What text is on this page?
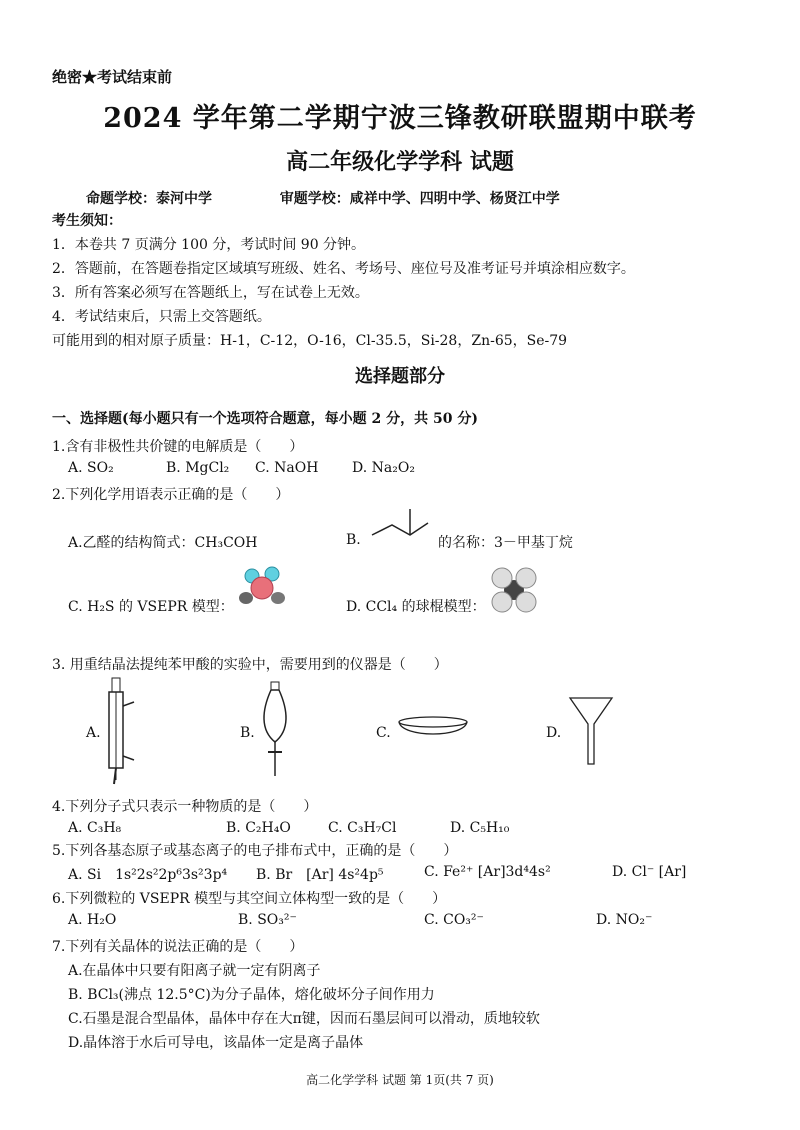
绝密★考试结束前
2024 学年第二学期宁波三锋教研联盟期中联考
高二年级化学学科 试题
命题学校：泰河中学	审题学校：咸祥中学、四明中学、杨贤江中学
考生须知：
1．本卷共 7 页满分 100 分，考试时间 90 分钟。
2．答题前，在答题卷指定区域填写班级、姓名、考场号、座位号及准考证号并填涂相应数字。
3．所有答案必须写在答题纸上，写在试卷上无效。
4．考试结束后，只需上交答题纸。
可能用到的相对原子质量：H-1，C-12，O-16，Cl-35.5，Si-28，Zn-65，Se-79
选择题部分
一、选择题(每小题只有一个选项符合题意，每小题 2 分，共 50 分)
1.含有非极性共价键的电解质是（　　）
A. SO₂	B. MgCl₂ C. NaOH D. Na₂O₂
2.下列化学用语表示正确的是（　　）
A.乙醛的结构简式：CH₃COH	B.	的名称：3－甲基丁烷
C. H₂S 的 VSEPR 模型：	D. CCl₄ 的球棍模型：
3. 用重结晶法提纯苯甲酸的实验中，需要用到的仪器是（　　）
A.	B.	C.	D.
4.下列分子式只表示一种物质的是（　　）
A. C₃H₈	B. C₂H₄O	C. C₃H₇Cl	D. C₅H₁₀
5.下列各基态原子或基态离子的电子排布式中，正确的是（　　）
A. Si　1s²2s²2p⁶3s²3p⁴ B. Br　[Ar] 4s²4p⁵	C. Fe²⁺ [Ar]3d⁴4s²	D. Cl⁻ [Ar]
6.下列微粒的 VSEPR 模型与其空间立体构型一致的是（　　）
A. H₂O	B. SO₃²⁻	C. CO₃²⁻	D. NO₂⁻
7.下列有关晶体的说法正确的是（　　）
A.在晶体中只要有阳离子就一定有阴离子
B. BCl₃(沸点 12.5°C)为分子晶体，熔化破坏分子间作用力
C.石墨是混合型晶体，晶体中存在大π键，因而石墨层间可以滑动，质地较软
D.晶体溶于水后可导电，该晶体一定是离子晶体
高二化学学科 试题 第 1页(共 7 页)
